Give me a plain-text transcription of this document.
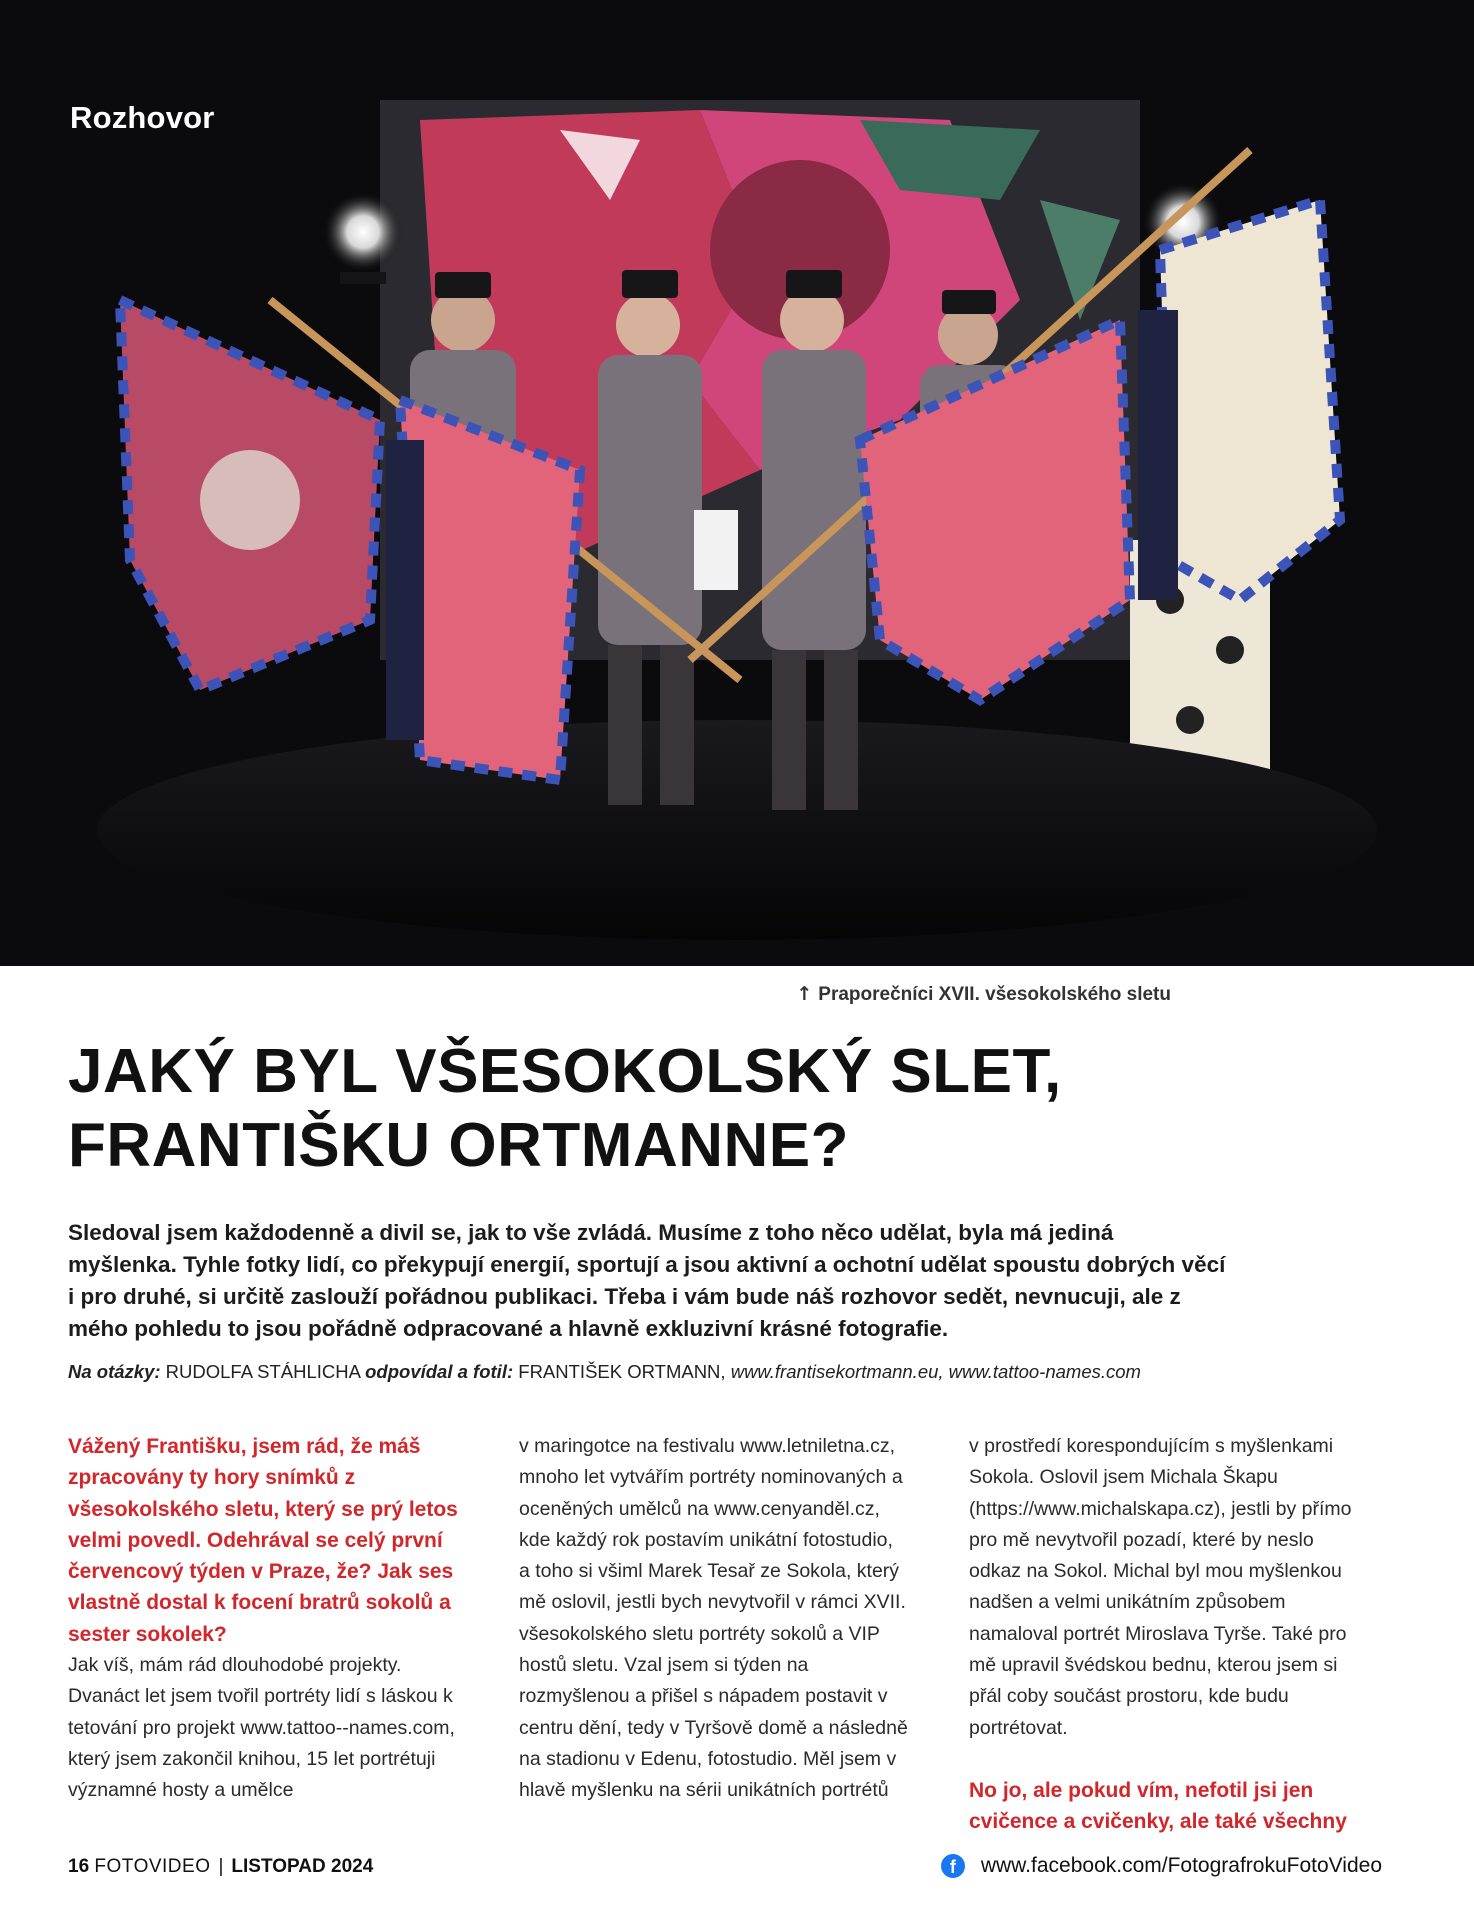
Rozhovor
↑ Praporečníci XVII. všesokolského sletu
JAKÝ BYL VŠESOKOLSKÝ SLET,
FRANTIŠKU ORTMANNE?

Sledoval jsem každodenně a divil se, jak to vše zvládá. Musíme z toho něco udělat, byla má jediná myšlenka. Tyhle fotky lidí, co překypují energií, sportují a jsou aktivní a ochotní udělat spoustu dobrých věcí i pro druhé, si určitě zaslouží pořádnou publikaci. Třeba i vám bude náš rozhovor sedět, nevnucuji, ale z mého pohledu to jsou pořádně odpracované a hlavně exkluzivní krásné fotografie.

Na otázky: RUDOLFA STÁHLICHA odpovídal a fotil: FRANTIŠEK ORTMANN, www.frantisekortmann.eu, www.tattoo-names.com
Vážený Františku, jsem rád, že máš zpracovány ty hory snímků z všesokolského sletu, který se prý letos velmi povedl. Odehrával se celý první červencový týden v Praze, že? Jak ses vlastně dostal k focení bratrů sokolů a sester sokolek?
Jak víš, mám rád dlouhodobé projekty. Dvanáct let jsem tvořil portréty lidí s láskou k tetování pro projekt www.tattoo--names.com, který jsem zakončil knihou, 15 let portrétuji významné hosty a umělce
v maringotce na festivalu www.letniletna.cz, mnoho let vytvářím portréty nominovaných a oceněných umělců na www.cenyanděl.cz, kde každý rok postavím unikátní fotostudio, a toho si všiml Marek Tesař ze Sokola, který mě oslovil, jestli bych nevytvořil v rámci XVII. všesokolského sletu portréty sokolů a VIP hostů sletu. Vzal jsem si týden na rozmyšlenou a přišel s nápadem postavit v centru dění, tedy v Tyršově domě a následně na stadionu v Edenu, fotostudio. Měl jsem v hlavě myšlenku na sérii unikátních portrétů
v prostředí korespondujícím s myšlenkami Sokola. Oslovil jsem Michala Škapu (https://www.michalskapa.cz), jestli by přímo pro mě nevytvořil pozadí, které by neslo odkaz na Sokol. Michal byl mou myšlenkou nadšen a velmi unikátním způsobem namaloval portrét Miroslava Tyrše. Také pro mě upravil švédskou bednu, kterou jsem si přál coby součást prostoru, kde budu portrétovat.
No jo, ale pokud vím, nefotil jsi jen cvičence a cvičenky, ale také všechny
16 FOTOVIDEO | LISTOPAD 2024	f	www.facebook.com/FotografrokuFotoVideo
